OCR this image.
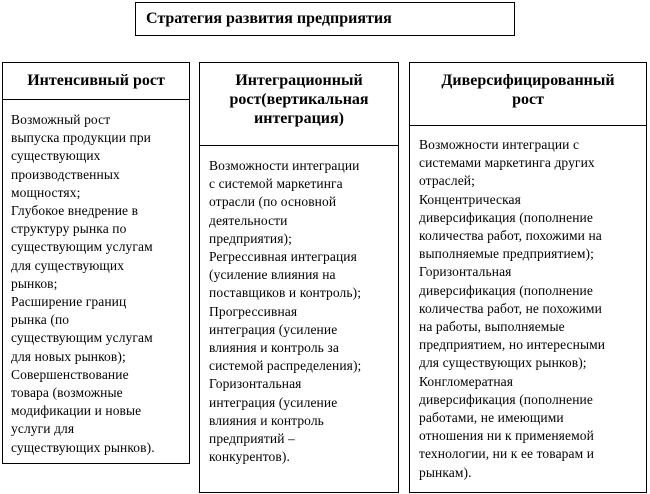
Стратегия развития предприятия
Интенсивный рост
Возможный рост
выпуска продукции при
существующих
производственных
мощностях;
Глубокое внедрение в
структуру рынка по
существующим услугам
для существующих
рынков;
Расширение границ
рынка (по
существующим услугам
для новых рынков);
Совершенствование
товара (возможные
модификации и новые
услуги для
существующих рынков).
Интеграционный
рост(вертикальная
интеграция)
Возможности интеграции
с системой маркетинга
отрасли (по основной
деятельности
предприятия);
Регрессивная интеграция
(усиление влияния на
поставщиков и контроль);
Прогрессивная
интеграция (усиление
влияния и контроль за
системой распределения);
Горизонтальная
интеграция (усиление
влияния и контроль
предприятий –
конкурентов).
Диверсифицированный
рост
Возможности интеграции с
системами маркетинга других
отраслей;
Концентрическая
диверсификация (пополнение
количества работ, похожими на
выполняемые предприятием);
Горизонтальная
диверсификация (пополнение
количества работ, не похожими
на работы, выполняемые
предприятием, но интересными
для существующих рынков);
Конгломератная
диверсификация (пополнение
работами, не имеющими
отношения ни к применяемой
технологии, ни к ее товарам и
рынкам).
